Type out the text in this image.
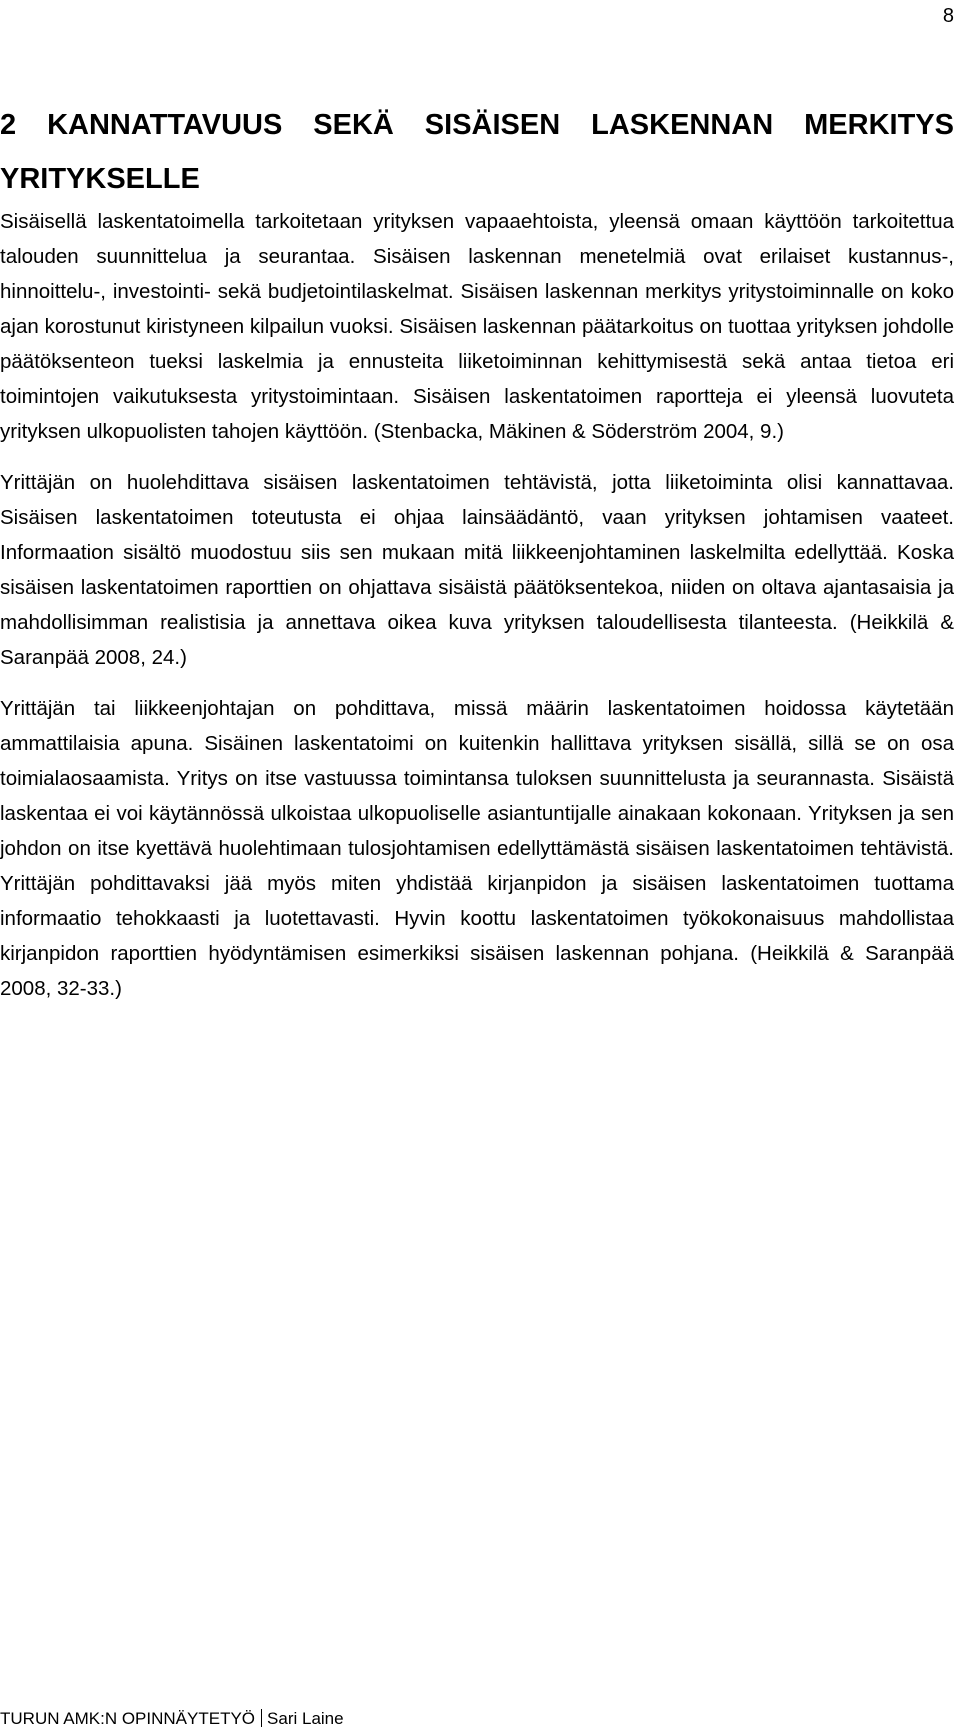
8
2 KANNATTAVUUS SEKÄ SISÄISEN LASKENNAN MERKITYS YRITYKSELLE

Sisäisellä laskentatoimella tarkoitetaan yrityksen vapaaehtoista, yleensä omaan käyttöön tarkoitettua talouden suunnittelua ja seurantaa. Sisäisen laskennan menetelmiä ovat erilaiset kustannus-, hinnoittelu-, investointi- sekä budjetointilaskelmat. Sisäisen laskennan merkitys yritystoiminnalle on koko ajan korostunut kiristyneen kilpailun vuoksi. Sisäisen laskennan päätarkoitus on tuottaa yrityksen johdolle päätöksenteon tueksi laskelmia ja ennusteita liiketoiminnan kehittymisestä sekä antaa tietoa eri toimintojen vaikutuksesta yritystoimintaan. Sisäisen laskentatoimen raportteja ei yleensä luovuteta yrityksen ulkopuolisten tahojen käyttöön. (Stenbacka, Mäkinen & Söderström 2004, 9.)

Yrittäjän on huolehdittava sisäisen laskentatoimen tehtävistä, jotta liiketoiminta olisi kannattavaa. Sisäisen laskentatoimen toteutusta ei ohjaa lainsäädäntö, vaan yrityksen johtamisen vaateet. Informaation sisältö muodostuu siis sen mukaan mitä liikkeenjohtaminen laskelmilta edellyttää. Koska sisäisen laskentatoimen raporttien on ohjattava sisäistä päätöksentekoa, niiden on oltava ajantasaisia ja mahdollisimman realistisia ja annettava oikea kuva yrityksen taloudellisesta tilanteesta. (Heikkilä & Saranpää 2008, 24.)

Yrittäjän tai liikkeenjohtajan on pohdittava, missä määrin laskentatoimen hoidossa käytetään ammattilaisia apuna. Sisäinen laskentatoimi on kuitenkin hallittava yrityksen sisällä, sillä se on osa toimialaosaamista. Yritys on itse vastuussa toimintansa tuloksen suunnittelusta ja seurannasta. Sisäistä laskentaa ei voi käytännössä ulkoistaa ulkopuoliselle asiantuntijalle ainakaan kokonaan. Yrityksen ja sen johdon on itse kyettävä huolehtimaan tulosjohtamisen edellyttämästä sisäisen laskentatoimen tehtävistä. Yrittäjän pohdittavaksi jää myös miten yhdistää kirjanpidon ja sisäisen laskentatoimen tuottama informaatio tehokkaasti ja luotettavasti. Hyvin koottu laskentatoimen työkokonaisuus mahdollistaa kirjanpidon raporttien hyödyntämisen esimerkiksi sisäisen laskennan pohjana. (Heikkilä & Saranpää 2008, 32-33.)

TURUN AMK:N OPINNÄYTETYÖ Sari Laine
